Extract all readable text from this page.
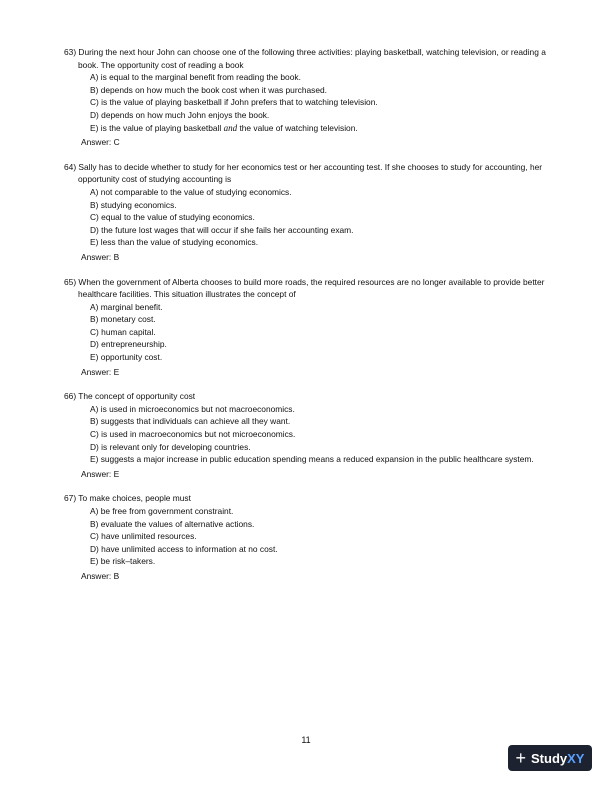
63) During the next hour John can choose one of the following three activities: playing basketball, watching television, or reading a book. The opportunity cost of reading a book
A) is equal to the marginal benefit from reading the book.
B) depends on how much the book cost when it was purchased.
C) is the value of playing basketball if John prefers that to watching television.
D) depends on how much John enjoys the book.
E) is the value of playing basketball and the value of watching television.
Answer: C
64) Sally has to decide whether to study for her economics test or her accounting test. If she chooses to study for accounting, her opportunity cost of studying accounting is
A) not comparable to the value of studying economics.
B) studying economics.
C) equal to the value of studying economics.
D) the future lost wages that will occur if she fails her accounting exam.
E) less than the value of studying economics.
Answer: B
65) When the government of Alberta chooses to build more roads, the required resources are no longer available to provide better healthcare facilities. This situation illustrates the concept of
A) marginal benefit.
B) monetary cost.
C) human capital.
D) entrepreneurship.
E) opportunity cost.
Answer: E
66) The concept of opportunity cost
A) is used in microeconomics but not macroeconomics.
B) suggests that individuals can achieve all they want.
C) is used in macroeconomics but not microeconomics.
D) is relevant only for developing countries.
E) suggests a major increase in public education spending means a reduced expansion in the public healthcare system.
Answer: E
67) To make choices, people must
A) be free from government constraint.
B) evaluate the values of alternative actions.
C) have unlimited resources.
D) have unlimited access to information at no cost.
E) be risk–takers.
Answer: B
11
+ Study XY
